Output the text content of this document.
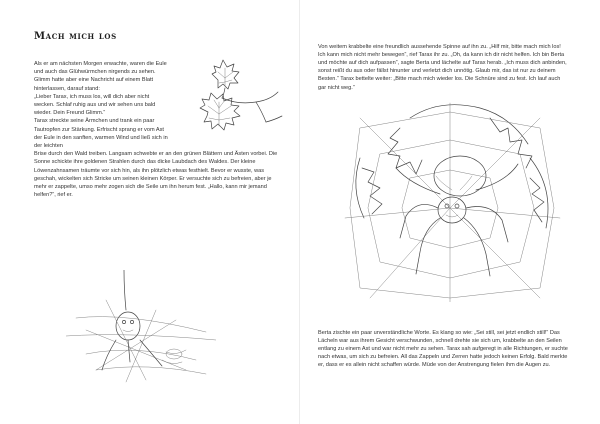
Mach mich los

Als er am nächsten Morgen erwachte, waren die Eule und auch das Glühwürmchen nirgends zu sehen. Glimm hatte aber eine Nachricht auf einem Blatt hinterlassen, darauf stand:

„Lieber Tarax, ich muss los, will dich aber nicht wecken. Schlaf ruhig aus und wir sehen uns bald wieder. Dein Freund Glimm.“

Tarax streckte seine Ärmchen und trank ein paar Tautropfen zur Stärkung. Erfrischt sprang er vom Ast der Eule in den sanften, warmen Wind und ließ sich in der leichten

Brise durch den Wald treiben. Langsam schwebte er an den grünen Blättern und Ästen vorbei. Die Sonne schickte ihre goldenen Strahlen durch das dicke Laubdach des Waldes. Der kleine Löwenzahnsamen träumte vor sich hin, als ihn plötzlich etwas festhielt. Bevor er wusste, was geschah, wickelten sich Stricke um seinen kleinen Körper. Er versuchte sich zu befreien, aber je mehr er zappelte, umso mehr zogen sich die Seile um ihn herum fest. „Hallo, kann mir jemand helfen?“, rief er.

Von weitem krabbelte eine freundlich aussehende Spinne auf ihn zu. „Hilf mir, bitte mach mich los! Ich kann mich nicht mehr bewegen“, rief Tarax ihr zu. „Oh, da kann ich dir nicht helfen. Ich bin Berta und möchte auf dich aufpassen“, sagte Berta und lächelte auf Tarax herab. „Ich muss dich anbinden, sonst reißt du aus oder fällst hinunter und verletzt dich unnötig. Glaub mir, das ist nur zu deinem Besten.“ Tarax bettelte weiter: „Bitte mach mich wieder los. Die Schnüre sind zu fest. Ich lauf auch gar nicht weg.“

Berta zischte ein paar unverständliche Worte. Es klang so wie: „Sei still, sei jetzt endlich still!“ Das Lächeln war aus ihrem Gesicht verschwunden, schnell drehte sie sich um, krabbelte an den Seilen entlang zu einem Ast und war nicht mehr zu sehen. Tarax sah aufgeregt in alle Richtungen, er suchte nach etwas, um sich zu befreien. All das Zappeln und Zerren hatte jedoch keinen Erfolg. Bald merkte er, dass er es allein nicht schaffen würde. Müde von der Anstrengung fielen ihm die Augen zu.
